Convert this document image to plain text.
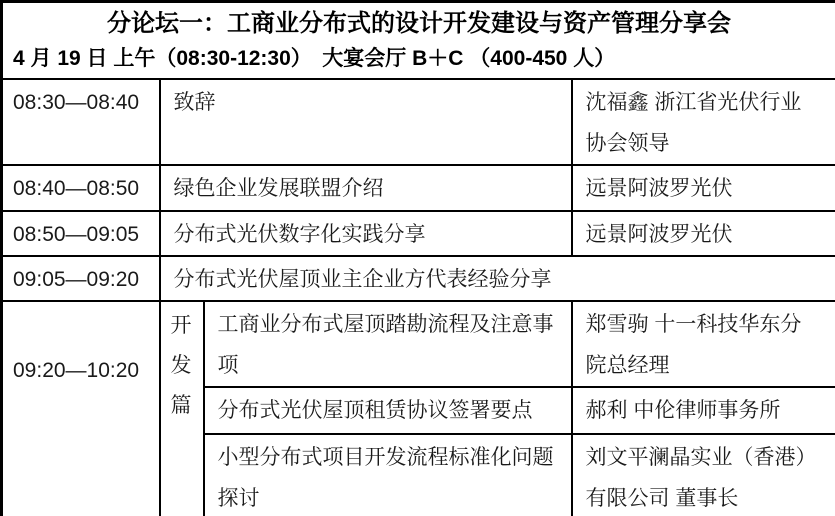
分论坛一：工商业分布式的设计开发建设与资产管理分享会
4 月 19 日 上午（08:30-12:30）　大宴会厅 B＋C （400-450 人）			

08:30—08:40	致辞		沈福鑫 浙江省光伏行业协会领导
08:40—08:50	绿色企业发展联盟介绍		远景阿波罗光伏
08:50—09:05	分布式光伏数字化实践分享		远景阿波罗光伏
09:05—09:20	分布式光伏屋顶业主企业方代表经验分享		
09:20—10:20	开发篇	工商业分布式屋顶踏勘流程及注意事项	郑雪驹 十一科技华东分院总经理
		分布式光伏屋顶租赁协议签署要点	郝利 中伦律师事务所
		小型分布式项目开发流程标准化问题探讨	刘文平澜晶实业（香港）有限公司 董事长
